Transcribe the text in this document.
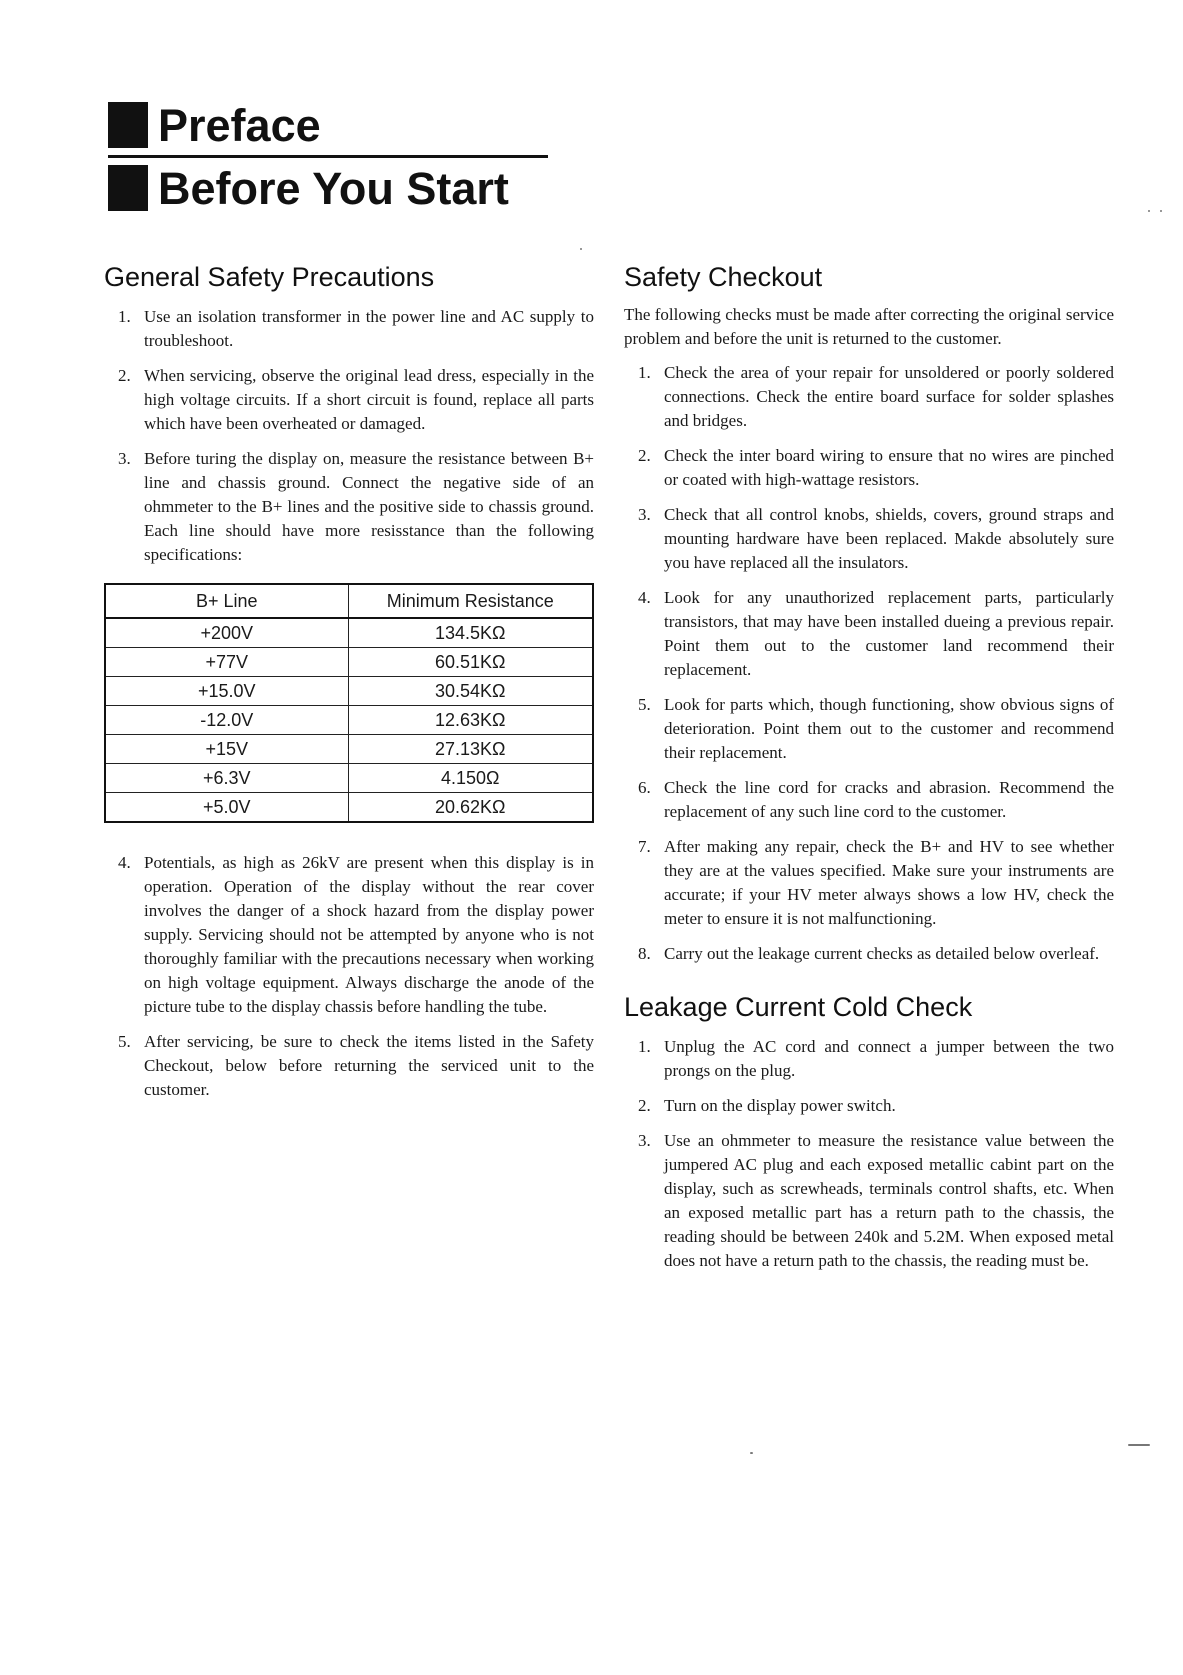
Preface
Before You Start
General Safety Precautions
1. Use an isolation transformer in the power line and AC supply to troubleshoot.
2. When servicing, observe the original lead dress, especially in the high voltage circuits. If a short circuit is found, replace all parts which have been overheated or damaged.
3. Before turing the display on, measure the resistance between B+ line and chassis ground. Connect the negative side of an ohmmeter to the B+ lines and the positive side to chassis ground. Each line should have more resisstance than the following specifications:
B+ Line	Minimum Resistance
+200V	134.5KΩ
+77V	60.51KΩ
+15.0V	30.54KΩ
-12.0V	12.63KΩ
+15V	27.13KΩ
+6.3V	4.150Ω
+5.0V	20.62KΩ
4. Potentials, as high as 26kV are present when this display is in operation. Operation of the display without the rear cover involves the danger of a shock hazard from the display power supply. Servicing should not be attempted by anyone who is not thoroughly familiar with the precautions necessary when working on high voltage equipment. Always discharge the anode of the picture tube to the display chassis before handling the tube.
5. After servicing, be sure to check the items listed in the Safety Checkout, below before returning the serviced unit to the customer.
Safety Checkout

The following checks must be made after correcting the original service problem and before the unit is returned to the customer.

1. Check the area of your repair for unsoldered or poorly soldered connections. Check the entire board surface for solder splashes and bridges.
2. Check the inter board wiring to ensure that no wires are pinched or coated with high-wattage resistors.
3. Check that all control knobs, shields, covers, ground straps and mounting hardware have been replaced. Makde absolutely sure you have replaced all the insulators.
4. Look for any unauthorized replacement parts, particularly transistors, that may have been installed dueing a previous repair. Point them out to the customer land recommend their replacement.
5. Look for parts which, though functioning, show obvious signs of deterioration. Point them out to the customer and recommend their replacement.
6. Check the line cord for cracks and abrasion. Recommend the replacement of any such line cord to the customer.
7. After making any repair, check the B+ and HV to see whether they are at the values specified. Make sure your instruments are accurate; if your HV meter always shows a low HV, check the meter to ensure it is not malfunctioning.
8. Carry out the leakage current checks as detailed below overleaf.
Leakage Current Cold Check
1. Unplug the AC cord and connect a jumper between the two prongs on the plug.
2. Turn on the display power switch.
3. Use an ohmmeter to measure the resistance value between the jumpered AC plug and each exposed metallic cabint part on the display, such as screwheads, terminals control shafts, etc. When an exposed metallic part has a return path to the chassis, the reading should be between 240k and 5.2M. When exposed metal does not have a return path to the chassis, the reading must be.
